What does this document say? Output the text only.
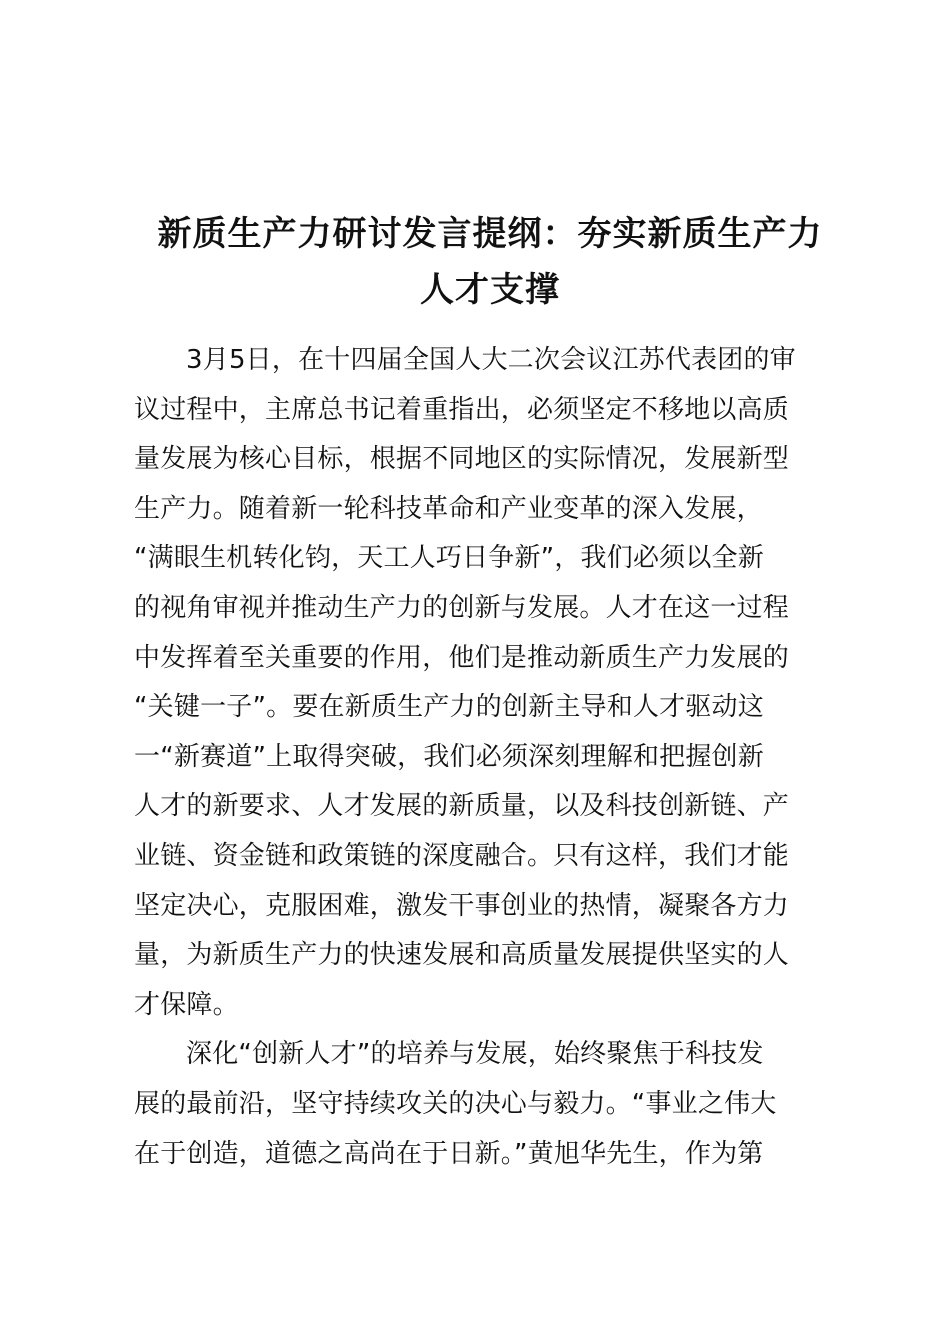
新质生产力研讨发言提纲：夯实新质生产力
人才支撑

3月5日，在十四届全国人大二次会议江苏代表团的审
议过程中，主席总书记着重指出，必须坚定不移地以高质
量发展为核心目标，根据不同地区的实际情况，发展新型
生产力。随着新一轮科技革命和产业变革的深入发展，
“满眼生机转化钧，天工人巧日争新”，我们必须以全新
的视角审视并推动生产力的创新与发展。人才在这一过程
中发挥着至关重要的作用，他们是推动新质生产力发展的
“关键一子”。要在新质生产力的创新主导和人才驱动这
一“新赛道”上取得突破，我们必须深刻理解和把握创新
人才的新要求、人才发展的新质量，以及科技创新链、产
业链、资金链和政策链的深度融合。只有这样，我们才能
坚定决心，克服困难，激发干事创业的热情，凝聚各方力
量，为新质生产力的快速发展和高质量发展提供坚实的人
才保障。

深化“创新人才”的培养与发展，始终聚焦于科技发
展的最前沿，坚守持续攻关的决心与毅力。“事业之伟大
在于创造，道德之高尚在于日新。”黄旭华先生，作为第
